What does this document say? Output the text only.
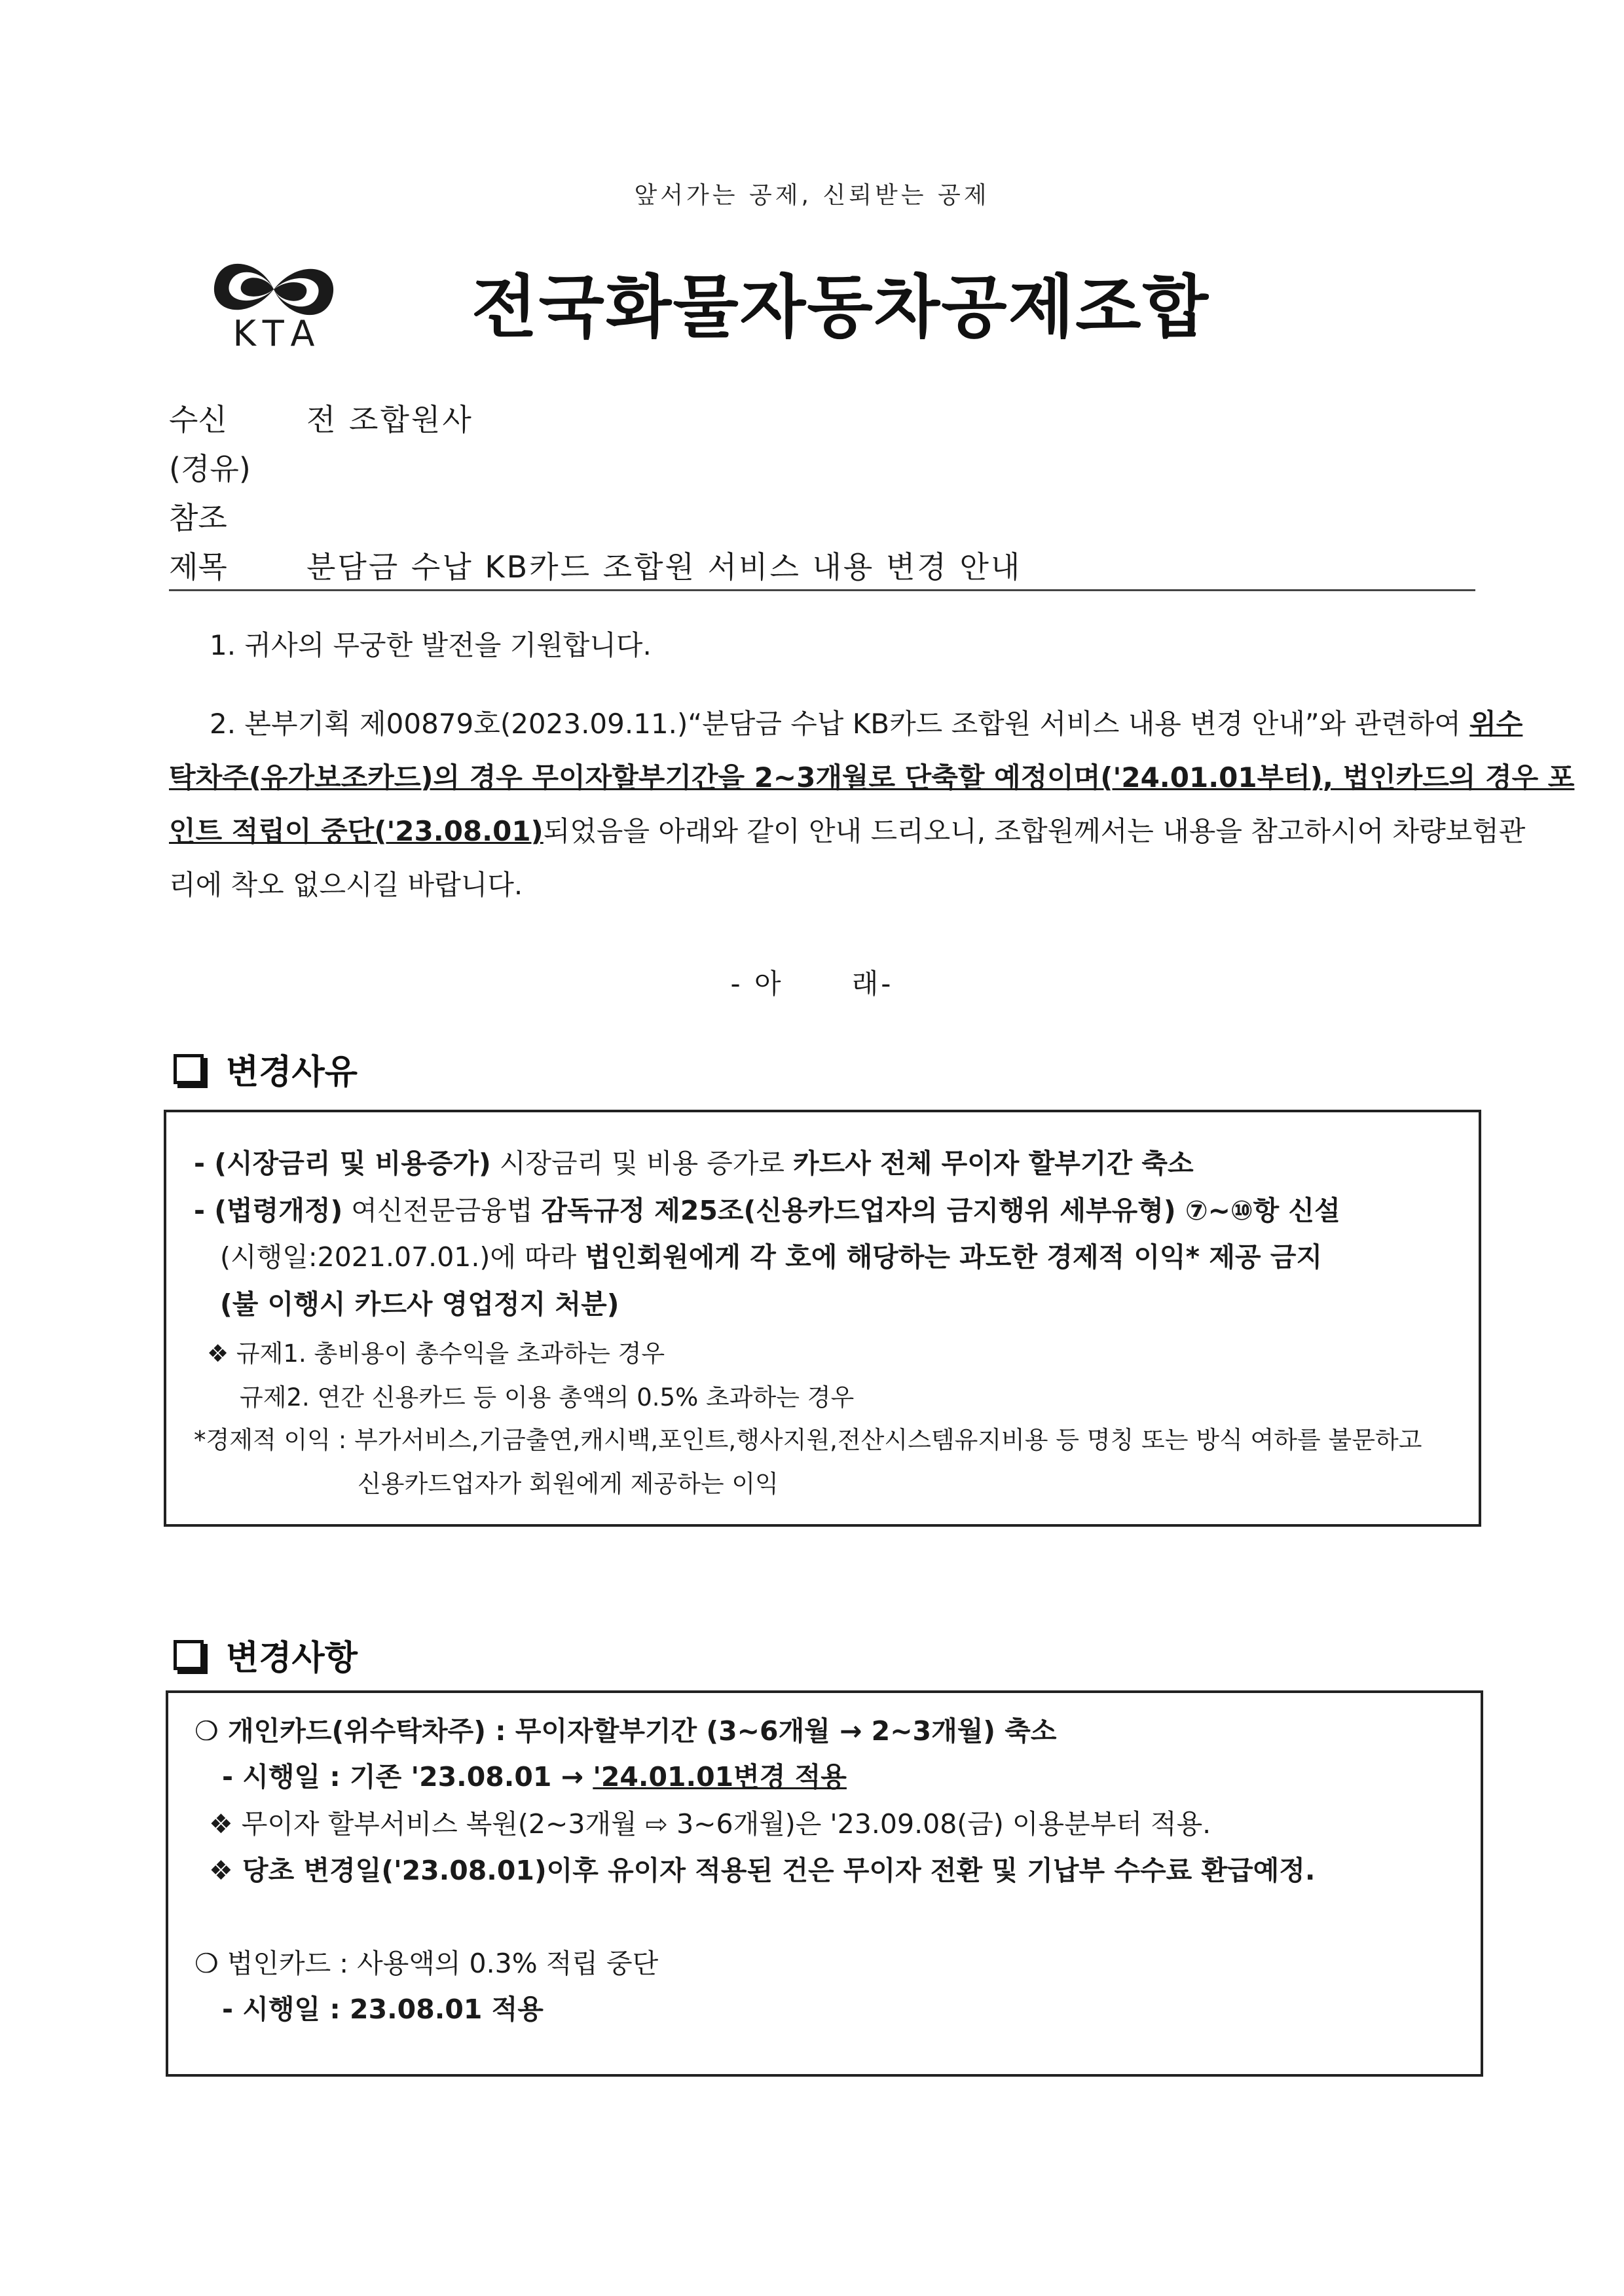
앞서가는 공제, 신뢰받는 공제
KTA 전국화물자동차공제조합
수신	전 조합원사
(경유)
참조
제목	분담금 수납 KB카드 조합원 서비스 내용 변경 안내
1. 귀사의 무궁한 발전을 기원합니다.
2. 본부기획 제00879호(2023.09.11.)“분담금 수납 KB카드 조합원 서비스 내용 변경 안내”와 관련하여 위수
탁차주(유가보조카드)의 경우 무이자할부기간을 2~3개월로 단축할 예정이며('24.01.01부터), 법인카드의 경우 포
인트 적립이 중단('23.08.01)되었음을 아래와 같이 안내 드리오니, 조합원께서는 내용을 참고하시어 차량보험관
리에 착오 없으시길 바랍니다.
- 아      래-
변경사유
- (시장금리 및 비용증가) 시장금리 및 비용 증가로 카드사 전체 무이자 할부기간 축소
- (법령개정) 여신전문금융법 감독규정 제25조(신용카드업자의 금지행위 세부유형) ⑦~⑩항 신설
(시행일:2021.07.01.)에 따라 법인회원에게 각 호에 해당하는 과도한 경제적 이익* 제공 금지
(불 이행시 카드사 영업정지 처분)
❖ 규제1. 총비용이 총수익을 초과하는 경우
규제2. 연간 신용카드 등 이용 총액의 0.5% 초과하는 경우
*경제적 이익 : 부가서비스,기금출연,캐시백,포인트,행사지원,전산시스템유지비용 등 명칭 또는 방식 여하를 불문하고
신용카드업자가 회원에게 제공하는 이익
변경사항
❍ 개인카드(위수탁차주) : 무이자할부기간 (3~6개월 → 2~3개월) 축소
- 시행일 : 기존 '23.08.01 → '24.01.01변경 적용
❖ 무이자 할부서비스 복원(2~3개월 ⇨ 3~6개월)은 '23.09.08(금) 이용분부터 적용.
❖ 당초 변경일('23.08.01)이후 유이자 적용된 건은 무이자 전환 및 기납부 수수료 환급예정.
❍ 법인카드 : 사용액의 0.3% 적립 중단
- 시행일 : 23.08.01 적용
